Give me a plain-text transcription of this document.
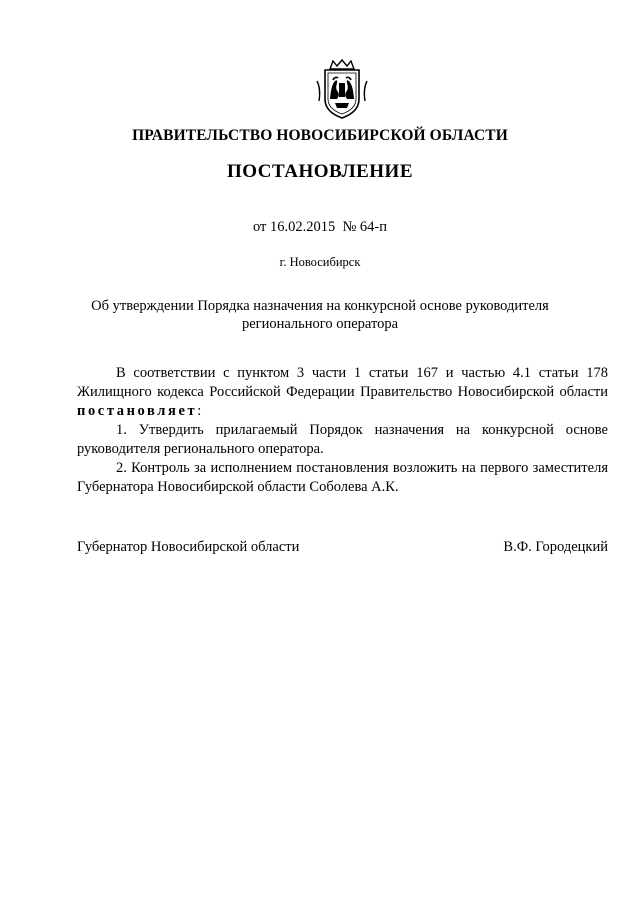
ПРАВИТЕЛЬСТВО НОВОСИБИРСКОЙ ОБЛАСТИ
ПОСТАНОВЛЕНИЕ
от 16.02.2015  № 64-п
г. Новосибирск
Об утверждении Порядка назначения на конкурсной основе руководителя
регионального оператора

В соответствии с пунктом 3 части 1 статьи 167 и частью 4.1 статьи 178 Жилищного кодекса Российской Федерации Правительство Новосибирской области постановляет:

1. Утвердить прилагаемый Порядок назначения на конкурсной основе руководителя регионального оператора.

2. Контроль за исполнением постановления возложить на первого заместителя Губернатора Новосибирской области Соболева А.К.

Губернатор Новосибирской области	В.Ф. Городецкий
